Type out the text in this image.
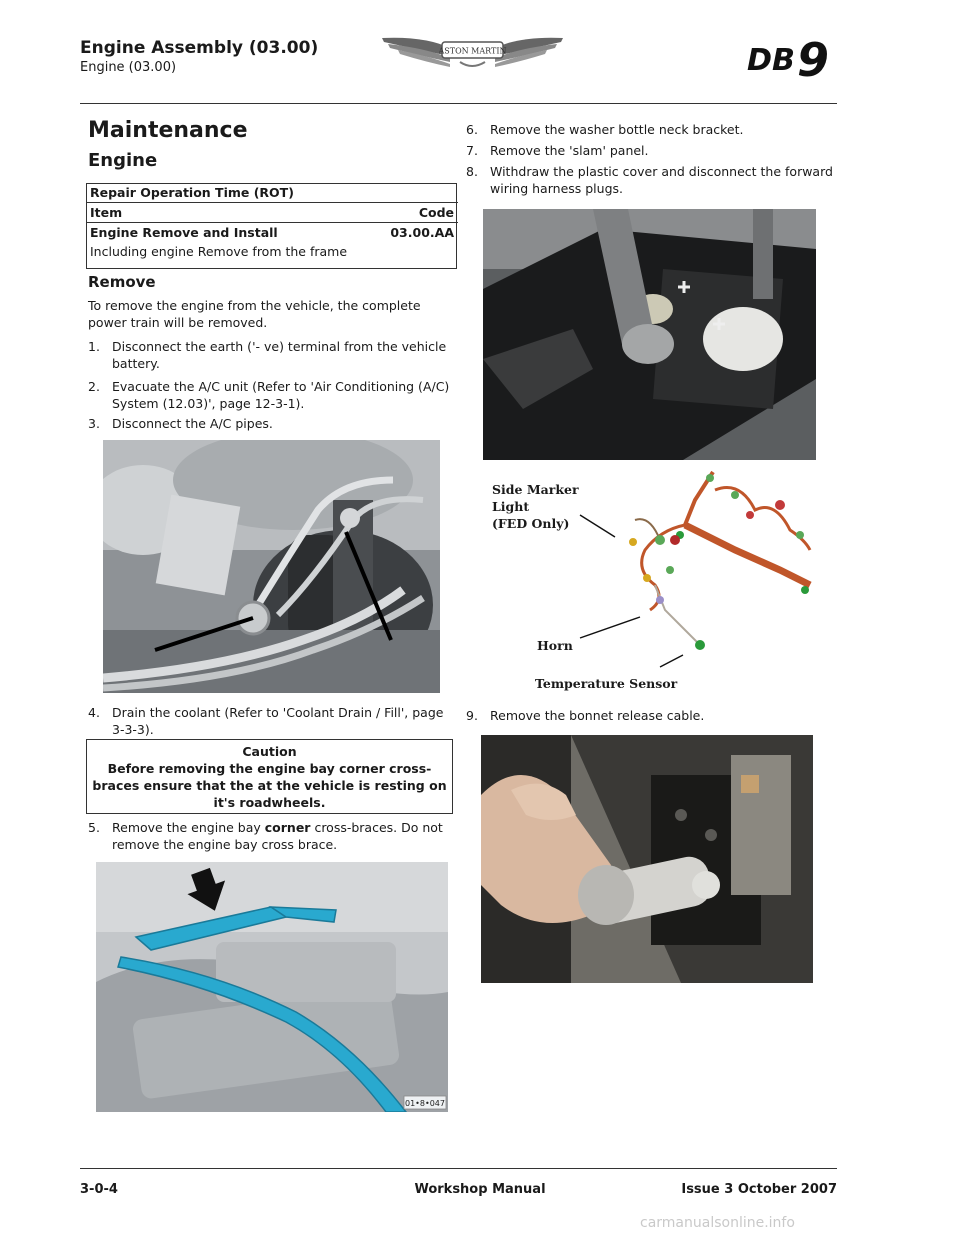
Engine Assembly (03.00)
Engine (03.00)
ASTON MARTIN	DB 9
Maintenance
Engine
Repair Operation Time (ROT)	
Item	Code
Engine Remove and Install	03.00.AA
Including engine Remove from the frame	
Remove
To remove the engine from the vehicle, the complete power train will be removed.
1. Disconnect the earth ('- ve) terminal from the vehicle battery.
2. Evacuate the A/C unit (Refer to 'Air Conditioning (A/C) System (12.03)', page 12-3-1).
3. Disconnect the A/C pipes.
4. Drain the coolant (Refer to 'Coolant Drain / Fill', page 3-3-3).
Caution
Before removing the engine bay corner cross-braces ensure that the at the vehicle is resting on it's roadwheels.
5. Remove the engine bay corner cross-braces. Do not remove the engine bay cross brace.
01•8•047
6. Remove the washer bottle neck bracket.
7. Remove the 'slam' panel.
8. Withdraw the plastic cover and disconnect the forward wiring harness plugs.
Side Marker
Light
(FED Only)
Horn
Temperature Sensor
9. Remove the bonnet release cable.
3-0-4	Workshop Manual	Issue 3 October 2007
carmanualsonline.info
